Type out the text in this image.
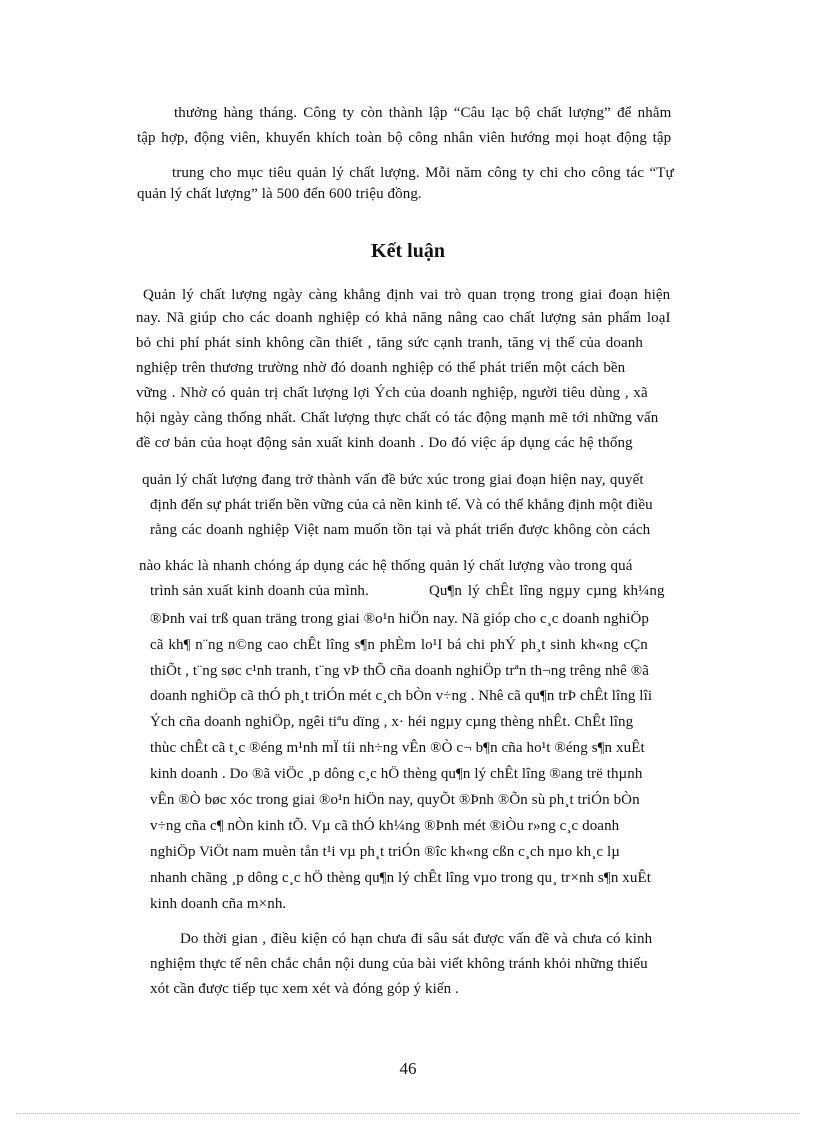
thưởng hàng tháng. Công ty còn thành lập “Câu lạc bộ chất lượng” để nhằm
tập hợp, động viên, khuyến khích toàn bộ công nhân viên hướng mọi hoạt động tập
trung cho mục tiêu quản lý chất lượng. Mỗi năm công ty chi cho công tác “Tự
quản lý chất lượng” là 500 đến 600 triệu đồng.
Kết luận
Quản lý chất lượng ngày càng khẳng định vai trò quan trọng trong giai đoạn hiện
nay. Nã giúp cho các doanh nghiệp có khả năng nâng cao chất lượng sản phẩm loạI
bỏ chi phí phát sinh không cần thiết , tăng sức cạnh tranh, tăng vị thế của doanh
nghiệp trên thương trường nhờ đó doanh nghiệp có thể phát triển một cách bền
vững . Nhờ có quản trị chất lượng lợi Ých của doanh nghiệp, người tiêu dùng , xã
hội ngày càng thống nhất. Chất lượng thực chất có tác động mạnh mẽ tới những vấn
đề cơ bản của hoạt động sản xuất kinh doanh . Do đó việc áp dụng các hệ thống
quản lý chất lượng đang trở thành vấn đề bức xúc trong giai đoạn hiện nay, quyết
định đến sự phát triển bền vững của cả nền kinh tế. Và có thể khẳng định một điều
rằng các doanh nghiệp Việt nam muốn tồn tại và phát triển được không còn cách
nào khác là nhanh chóng áp dụng các hệ thống quản lý chất lượng vào trong quá
trình sản xuất kinh doanh của mình.	Qu¶n lý chÊt lîng ngµy cµng kh¼ng
®Þnh vai trß quan träng trong giai ®o¹n hiÖn nay. Nã gióp cho c¸c doanh nghiÖp
cã kh¶ n¨ng n©ng cao chÊt lîng s¶n phÈm lo¹I bá chi phÝ ph¸t sinh kh«ng cÇn
thiÕt , t¨ng søc c¹nh tranh, t¨ng vÞ thÕ cña doanh nghiÖp trªn th¬ng trêng nhê ®ã
doanh nghiÖp cã thÓ ph¸t triÓn mét c¸ch bÒn v÷ng . Nhê cã qu¶n trÞ chÊt lîng lîi
Ých cña doanh nghiÖp, ngêi tiªu dïng , x· héi ngµy cµng thèng nhÊt. ChÊt lîng
thùc chÊt cã t¸c ®éng m¹nh mÏ tíi nh÷ng vÊn ®Ò c¬ b¶n cña ho¹t ®éng s¶n xuÊt
kinh doanh . Do ®ã viÖc ¸p dông c¸c hÖ thèng qu¶n lý chÊt lîng ®ang trë thµnh
vÊn ®Ò bøc xóc trong giai ®o¹n hiÖn nay, quyÕt ®Þnh ®Õn sù ph¸t triÓn bÒn
v÷ng cña c¶ nÒn kinh tÕ. Vµ cã thÓ kh¼ng ®Þnh mét ®iÒu r»ng c¸c doanh
nghiÖp ViÖt nam muèn tån t¹i vµ ph¸t triÓn ®îc kh«ng cßn c¸ch nµo kh¸c lµ
nhanh chãng ¸p dông c¸c hÖ thèng qu¶n lý chÊt lîng vµo trong qu¸ tr×nh s¶n xuÊt
kinh doanh cña m×nh.
Do thời gian , điều kiện có hạn chưa đi sâu sát được vấn đề và chưa có kinh
nghiệm thực tế nên chắc chắn nội dung của bài viết không tránh khỏi những thiếu
xót cần được tiếp tục xem xét và đóng góp ý kiến .
46
